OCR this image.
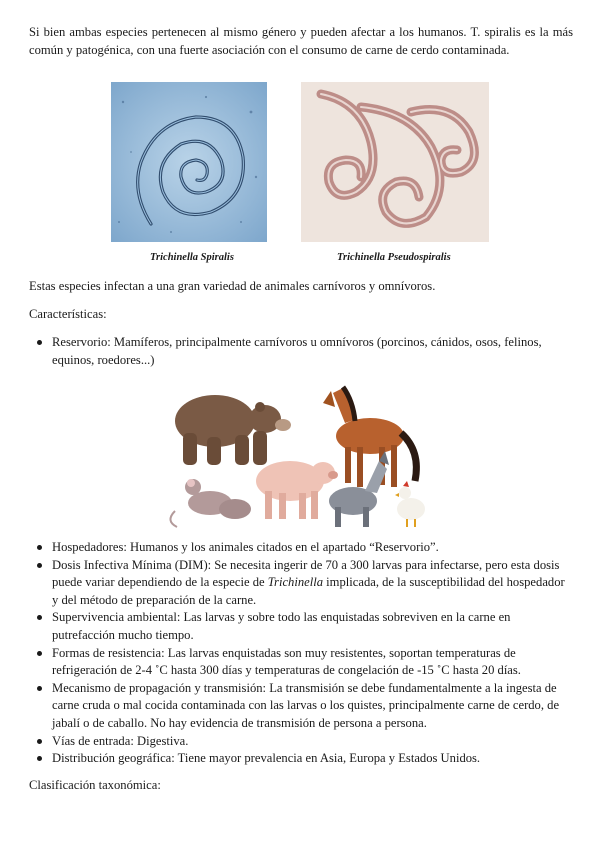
Si bien ambas especies pertenecen al mismo género y pueden afectar a los humanos. T. spiralis es la más común y patogénica, con una fuerte asociación con el consumo de carne de cerdo contaminada.

Trichinella Spiralis	Trichinella Pseudospiralis

Estas especies infectan a una gran variedad de animales carnívoros y omnívoros.

Características:

Reservorio: Mamíferos, principalmente carnívoros u omnívoros (porcinos, cánidos, osos, felinos, equinos, roedores...)
Hospedadores: Humanos y los animales citados en el apartado “Reservorio”.
Dosis Infectiva Mínima (DIM): Se necesita ingerir de 70 a 300 larvas para infectarse, pero esta dosis puede variar dependiendo de la especie de Trichinella implicada, de la susceptibilidad del hospedador y del método de preparación de la carne.
Supervivencia ambiental: Las larvas y sobre todo las enquistadas sobreviven en la carne en putrefacción mucho tiempo.
Formas de resistencia: Las larvas enquistadas son muy resistentes, soportan temperaturas de refrigeración de 2-4 ˚C hasta 300 días y temperaturas de congelación de -15 ˚C hasta 20 días.
Mecanismo de propagación y transmisión: La transmisión se debe fundamentalmente a la ingesta de carne cruda o mal cocida contaminada con las larvas o los quistes, principalmente carne de cerdo, de jabalí o de caballo. No hay evidencia de transmisión de persona a persona.
Vías de entrada: Digestiva.
Distribución geográfica: Tiene mayor prevalencia en Asia, Europa y Estados Unidos.

Clasificación taxonómica:
